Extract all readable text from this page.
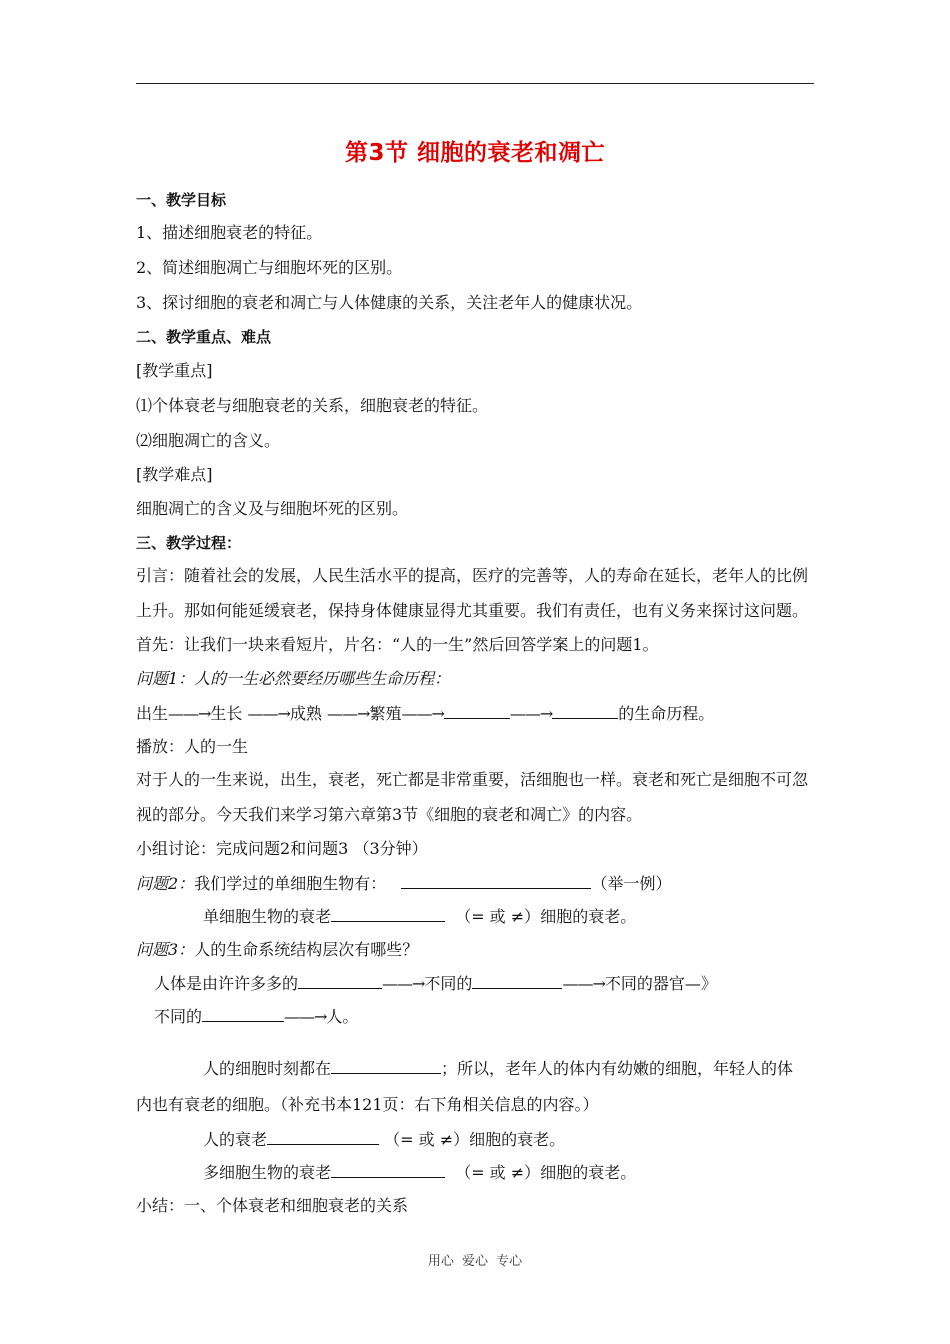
第3节 细胞的衰老和凋亡
一、教学目标
1、描述细胞衰老的特征。
2、简述细胞凋亡与细胞坏死的区别。
3、探讨细胞的衰老和凋亡与人体健康的关系，关注老年人的健康状况。
二、教学重点、难点
[教学重点]
⑴个体衰老与细胞衰老的关系，细胞衰老的特征。
⑵细胞凋亡的含义。
[教学难点]
细胞凋亡的含义及与细胞坏死的区别。
三、教学过程：
引言：随着社会的发展，人民生活水平的提高，医疗的完善等，人的寿命在延长，老年人的比例
上升。那如何能延缓衰老，保持身体健康显得尤其重要。我们有责任，也有义务来探讨这问题。
首先：让我们一块来看短片，片名：“人的一生”然后回答学案上的问题1。
问题1：人的一生必然要经历哪些生命历程：
出生——→生长 ——→成熟 ——→繁殖——→	——→	的生命历程。
播放：人的一生
对于人的一生来说，出生，衰老，死亡都是非常重要，活细胞也一样。衰老和死亡是细胞不可忽
视的部分。今天我们来学习第六章第3节《细胞的衰老和凋亡》的内容。
小组讨论：完成问题2和问题3 （3分钟）
问题2：我们学过的单细胞生物有：	（举一例）
单细胞生物的衰老	（= 或 ≠）细胞的衰老。
问题3：人的生命系统结构层次有哪些？
人体是由许许多多的	——→不同的	——→不同的器官—》
不同的	——→人。
人的细胞时刻都在	；所以，老年人的体内有幼嫩的细胞，年轻人的体
内也有衰老的细胞。（补充书本121页：右下角相关信息的内容。）
人的衰老	（= 或 ≠）细胞的衰老。
多细胞生物的衰老	（= 或 ≠）细胞的衰老。
小结：一、个体衰老和细胞衰老的关系
用心 爱心 专心
